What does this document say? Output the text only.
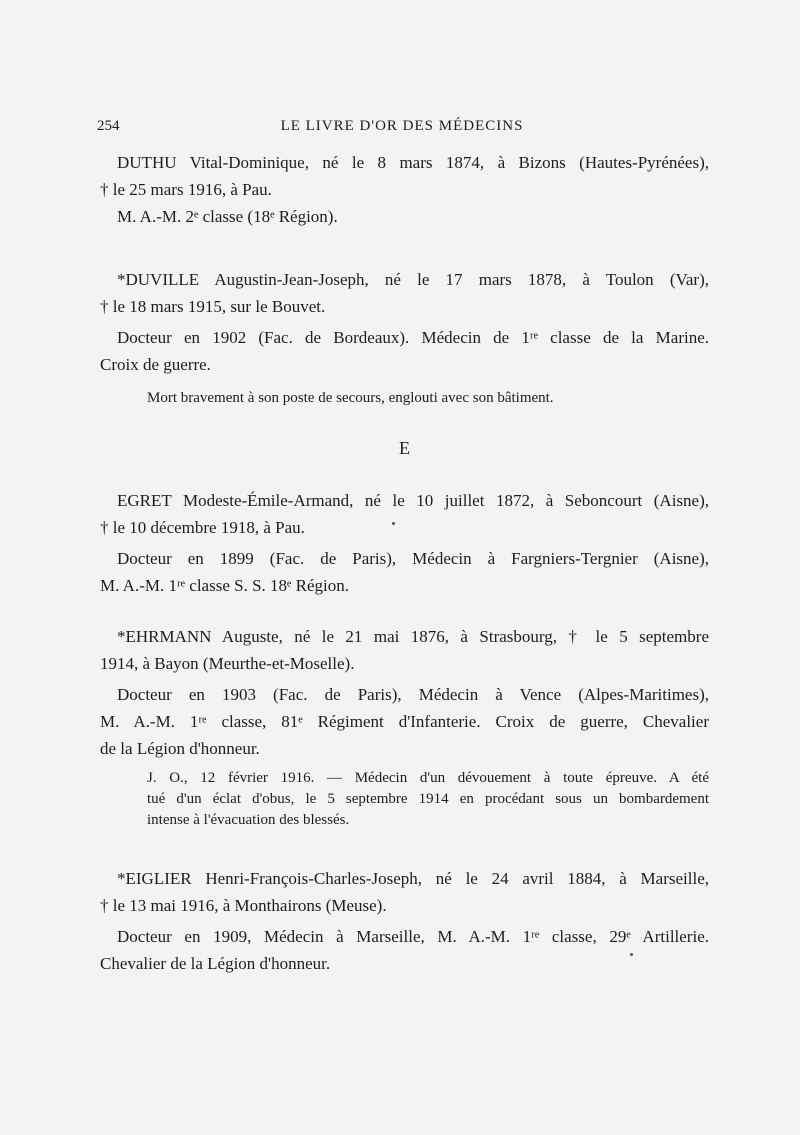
254	LE LIVRE D'OR DES MÉDECINS
DUTHU Vital-Dominique, né le 8 mars 1874, à Bizons (Hautes-Pyrénées),
† le 25 mars 1916, à Pau.
M. A.-M. 2ᵉ classe (18ᵉ Région).
*DUVILLE Augustin-Jean-Joseph, né le 17 mars 1878, à Toulon (Var),
† le 18 mars 1915, sur le Bouvet.
Docteur en 1902 (Fac. de Bordeaux). Médecin de 1ʳᵉ classe de la Marine.
Croix de guerre.
Mort bravement à son poste de secours, englouti avec son bâtiment.
E
EGRET Modeste-Émile-Armand, né le 10 juillet 1872, à Seboncourt (Aisne),
† le 10 décembre 1918, à Pau.
Docteur en 1899 (Fac. de Paris), Médecin à Fargniers-Tergnier (Aisne),
M. A.-M. 1ʳᵉ classe S. S. 18ᵉ Région.
*EHRMANN Auguste, né le 21 mai 1876, à Strasbourg, † le 5 septembre
1914, à Bayon (Meurthe-et-Moselle).
Docteur en 1903 (Fac. de Paris), Médecin à Vence (Alpes-Maritimes),
M. A.-M. 1ʳᵉ classe, 81ᵉ Régiment d'Infanterie. Croix de guerre, Chevalier
de la Légion d'honneur.
J. O., 12 février 1916. — Médecin d'un dévouement à toute épreuve. A été
tué d'un éclat d'obus, le 5 septembre 1914 en procédant sous un bombardement
intense à l'évacuation des blessés.
*EIGLIER Henri-François-Charles-Joseph, né le 24 avril 1884, à Marseille,
† le 13 mai 1916, à Monthairons (Meuse).
Docteur en 1909, Médecin à Marseille, M. A.-M. 1ʳᵉ classe, 29ᵉ Artillerie.
Chevalier de la Légion d'honneur.
